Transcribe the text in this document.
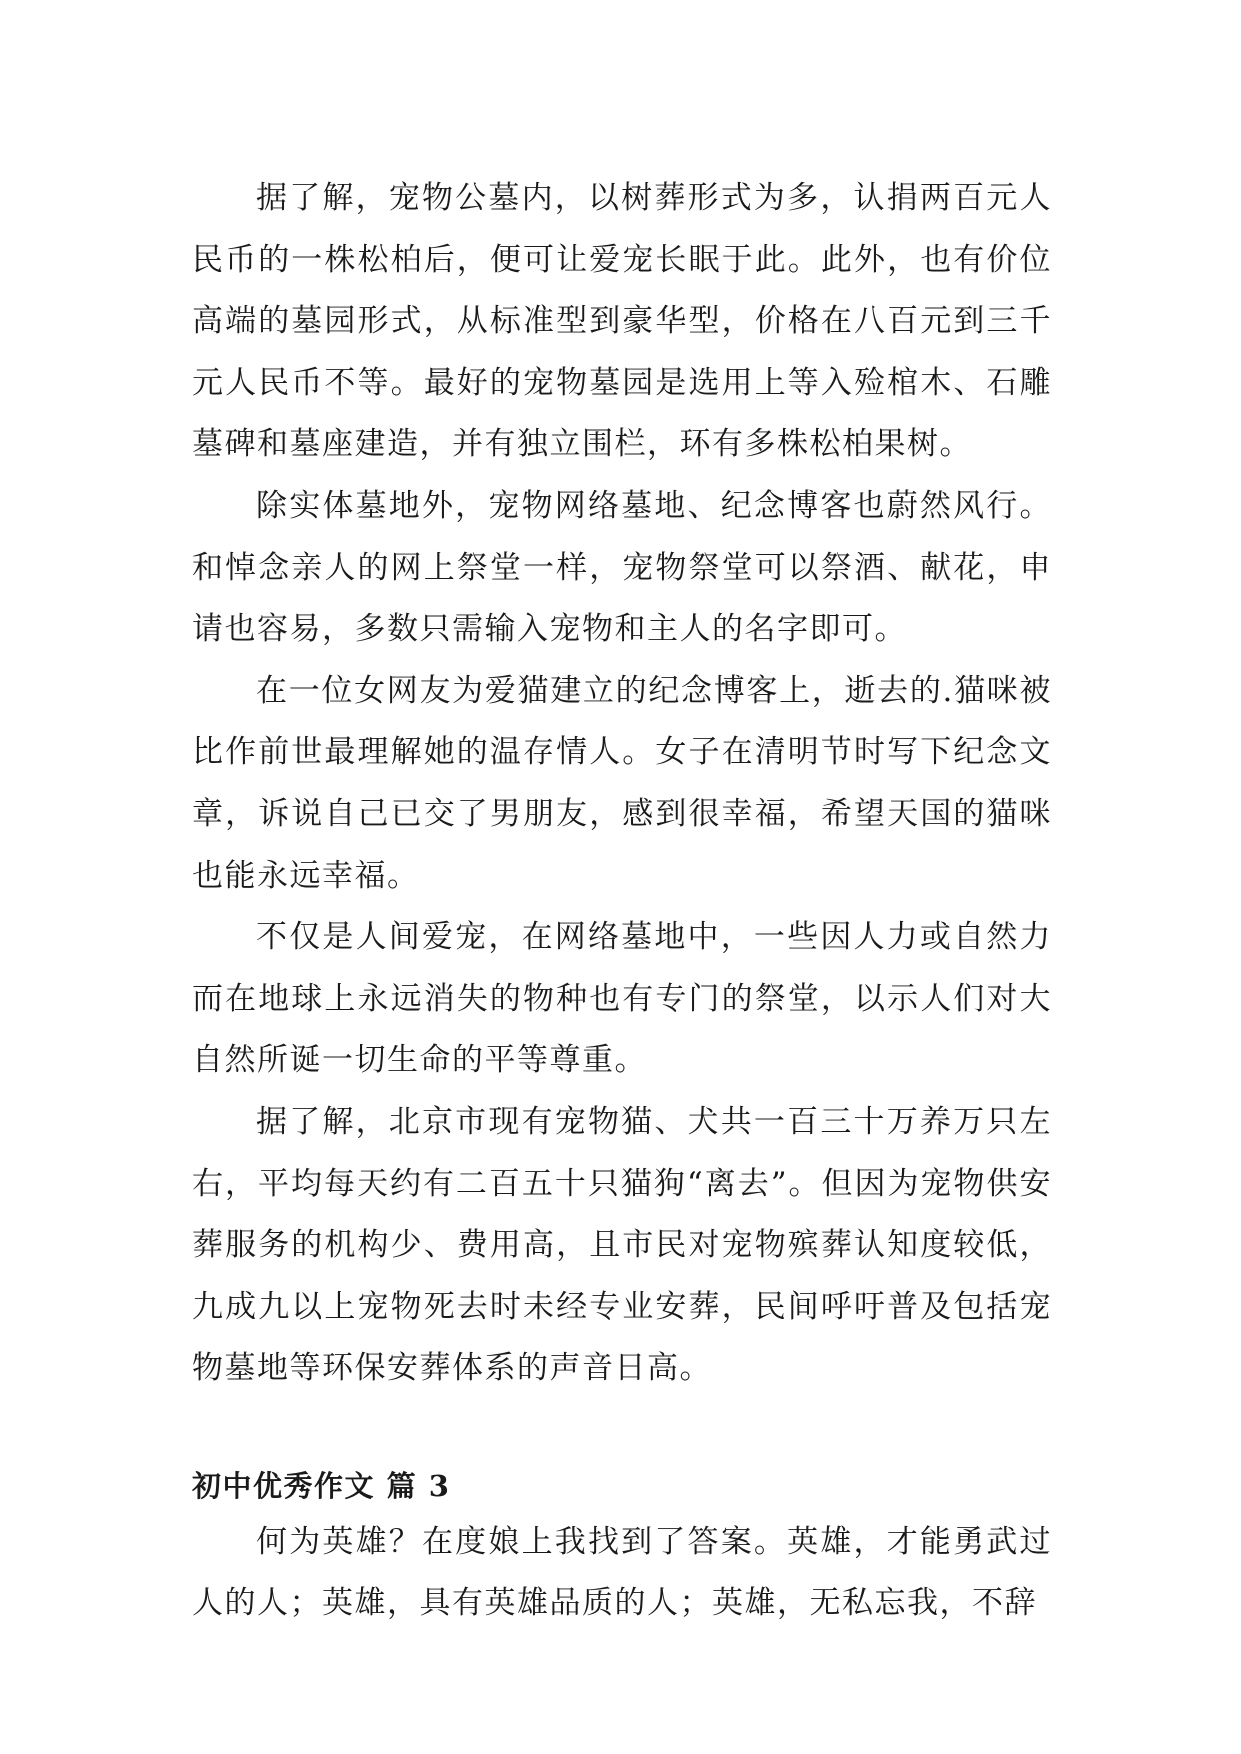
据了解，宠物公墓内，以树葬形式为多，认捐两百元人民币的一株松柏后，便可让爱宠长眠于此。此外，也有价位高端的墓园形式，从标准型到豪华型，价格在八百元到三千元人民币不等。最好的宠物墓园是选用上等入殓棺木、石雕墓碑和墓座建造，并有独立围栏，环有多株松柏果树。

除实体墓地外，宠物网络墓地、纪念博客也蔚然风行。和悼念亲人的网上祭堂一样，宠物祭堂可以祭酒、献花，申请也容易，多数只需输入宠物和主人的名字即可。

在一位女网友为爱猫建立的纪念博客上，逝去的.猫咪被比作前世最理解她的温存情人。女子在清明节时写下纪念文章，诉说自己已交了男朋友，感到很幸福，希望天国的猫咪也能永远幸福。

不仅是人间爱宠，在网络墓地中，一些因人力或自然力而在地球上永远消失的物种也有专门的祭堂，以示人们对大自然所诞一切生命的平等尊重。

据了解，北京市现有宠物猫、犬共一百三十万养万只左右，平均每天约有二百五十只猫狗“离去”。但因为宠物供安葬服务的机构少、费用高，且市民对宠物殡葬认知度较低，九成九以上宠物死去时未经专业安葬，民间呼吁普及包括宠物墓地等环保安葬体系的声音日高。

初中优秀作文 篇 3

何为英雄？在度娘上我找到了答案。英雄，才能勇武过人的人；英雄，具有英雄品质的人；英雄，无私忘我，不辞
